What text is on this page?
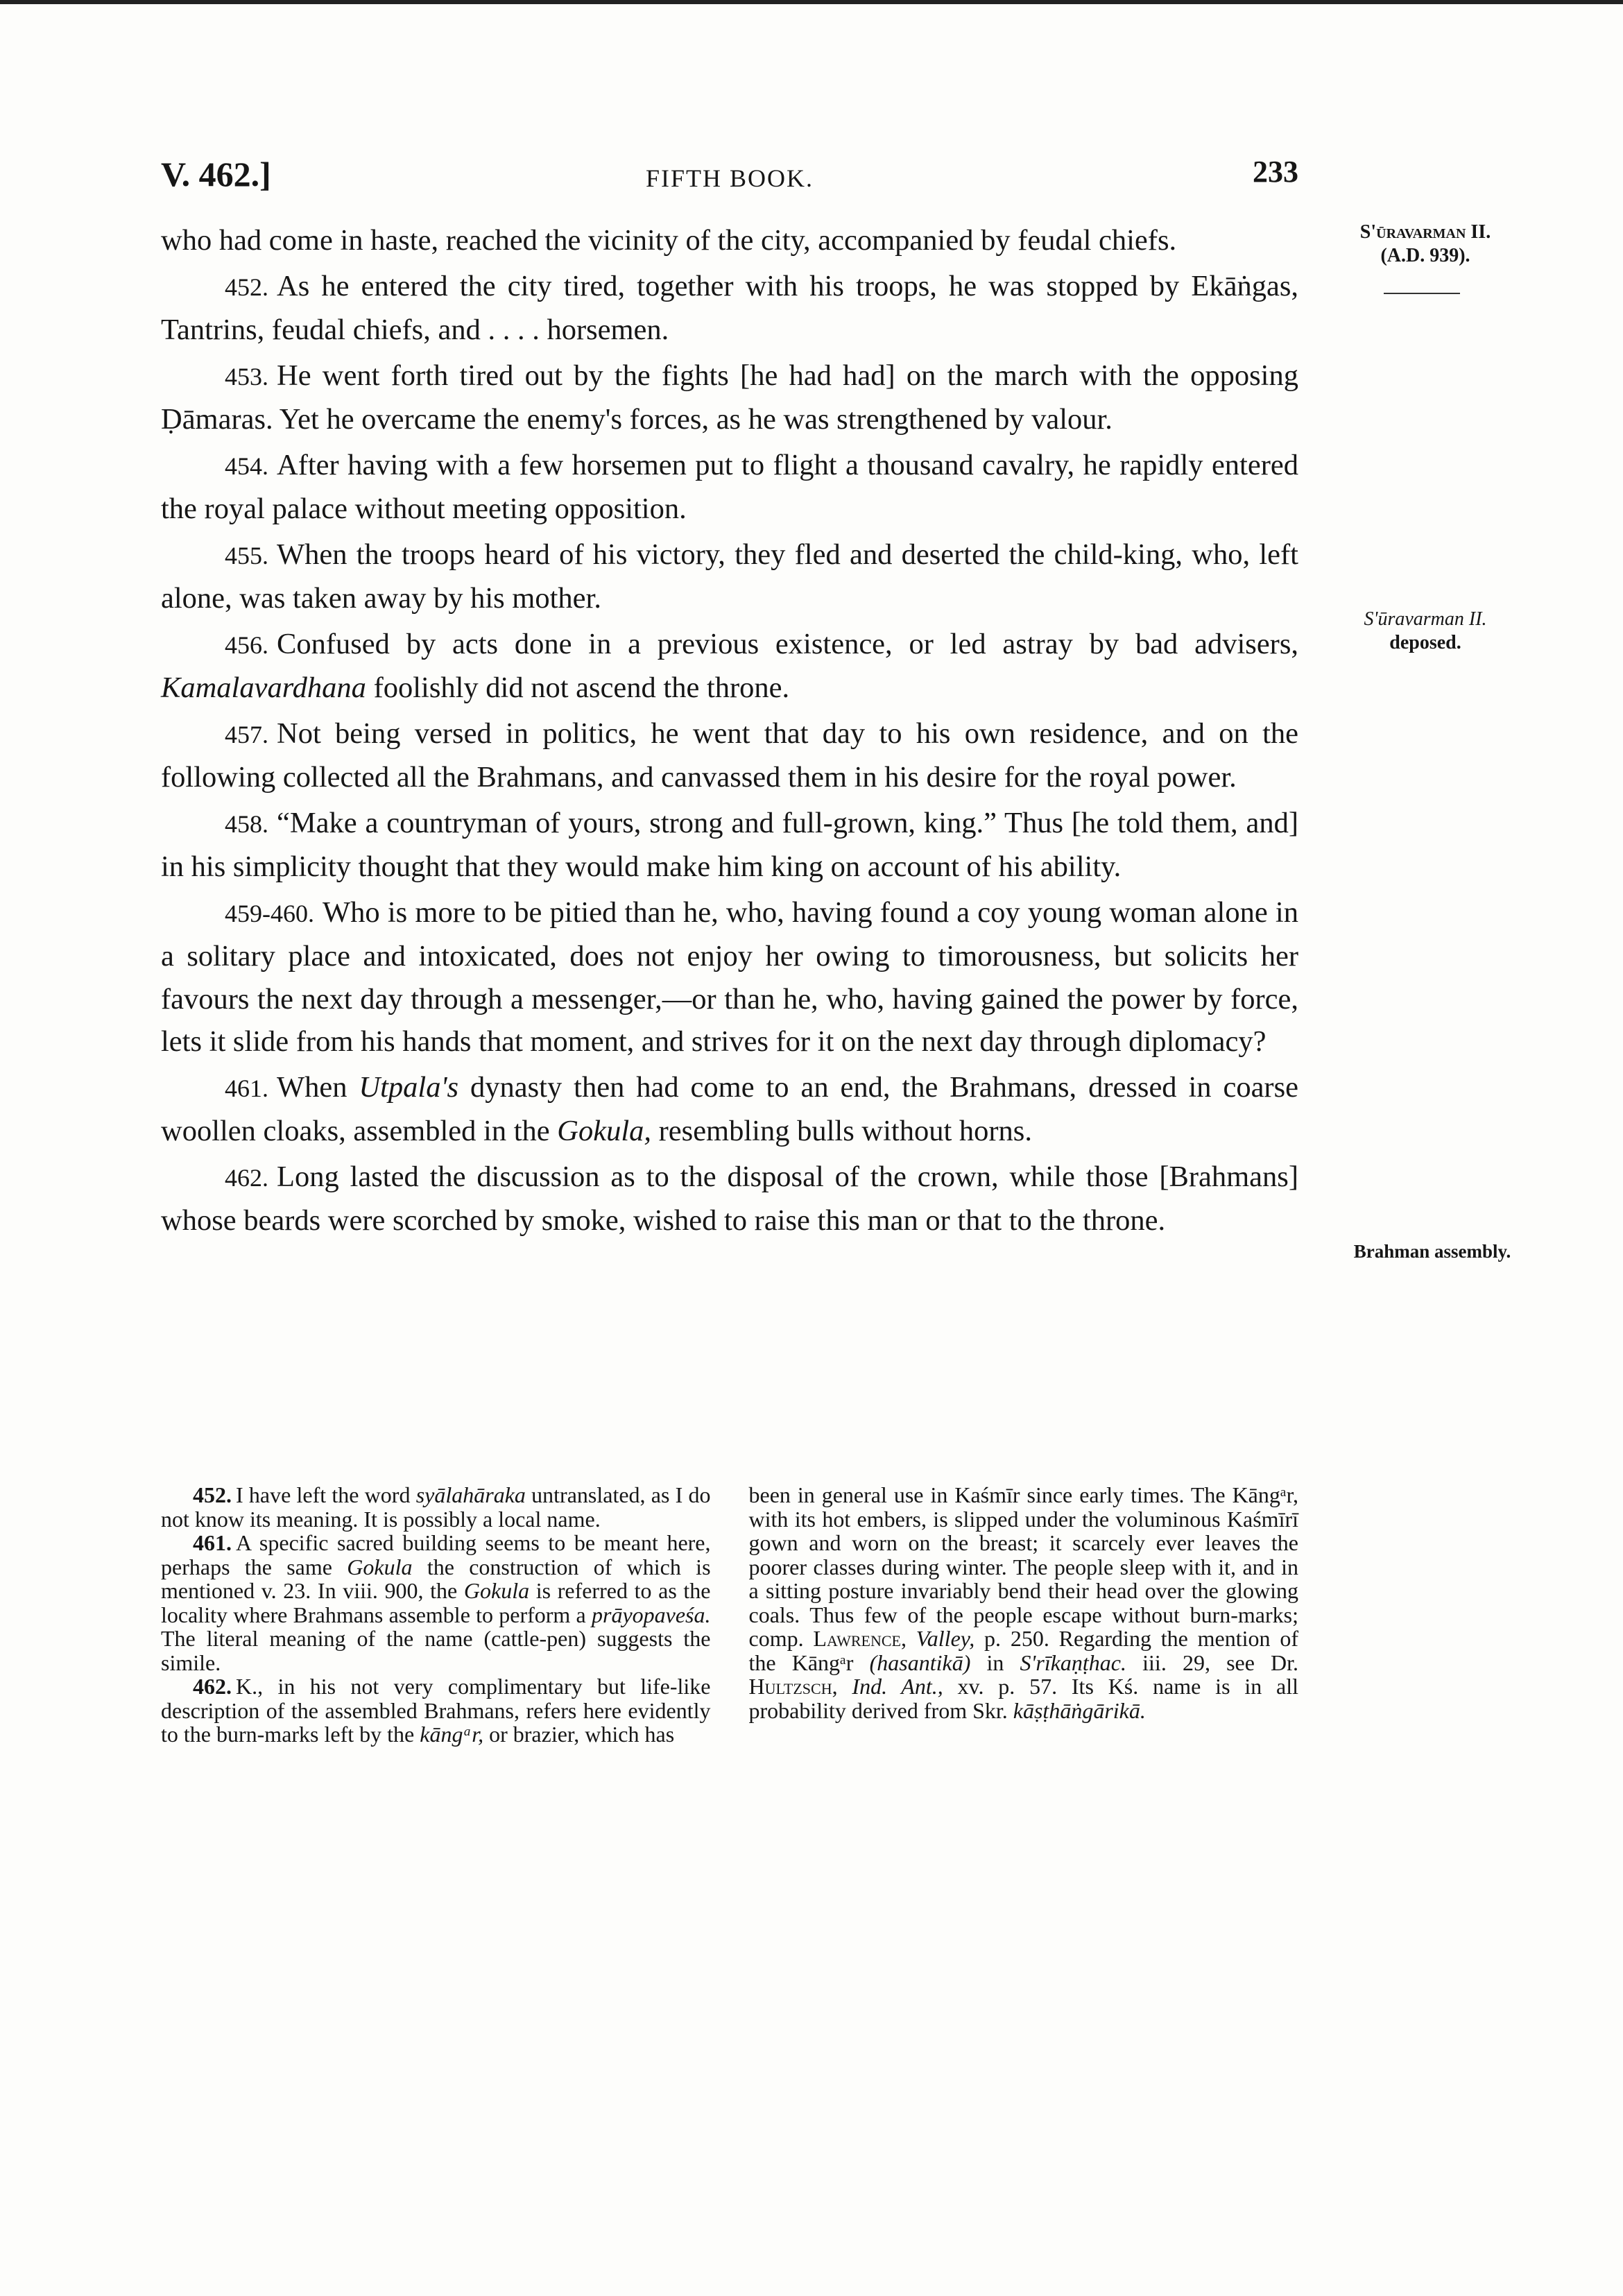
V. 462.]	FIFTH BOOK.	233
S'ūravarman II.
(A.D. 939).
S'ūravarman II.
deposed.
Brahman assembly.

who had come in haste, reached the vicinity of the city, accompanied by feudal chiefs.

452. As he entered the city tired, together with his troops, he was stopped by Ekāṅgas, Tantrins, feudal chiefs, and . . . . horsemen.

453. He went forth tired out by the fights [he had had] on the march with the opposing Ḍāmaras. Yet he overcame the enemy's forces, as he was strengthened by valour.

454. After having with a few horsemen put to flight a thousand cavalry, he rapidly entered the royal palace without meeting opposition.

455. When the troops heard of his victory, they fled and deserted the child-king, who, left alone, was taken away by his mother.

456. Confused by acts done in a previous existence, or led astray by bad advisers, Kamalavardhana foolishly did not ascend the throne.

457. Not being versed in politics, he went that day to his own residence, and on the following collected all the Brahmans, and canvassed them in his desire for the royal power.

458. “Make a countryman of yours, strong and full-grown, king.” Thus [he told them, and] in his simplicity thought that they would make him king on account of his ability.

459-460. Who is more to be pitied than he, who, having found a coy young woman alone in a solitary place and intoxicated, does not enjoy her owing to timorousness, but solicits her favours the next day through a messenger,—or than he, who, having gained the power by force, lets it slide from his hands that moment, and strives for it on the next day through diplomacy?

461. When Utpala's dynasty then had come to an end, the Brahmans, dressed in coarse woollen cloaks, assembled in the Gokula, resembling bulls without horns.

462. Long lasted the discussion as to the disposal of the crown, while those [Brahmans] whose beards were scorched by smoke, wished to raise this man or that to the throne.

452. I have left the word syālahāraka untranslated, as I do not know its meaning. It is possibly a local name.

461. A specific sacred building seems to be meant here, perhaps the same Gokula the construction of which is mentioned v. 23. In viii. 900, the Gokula is referred to as the locality where Brahmans assemble to perform a prāyopaveśa. The literal meaning of the name (cattle-pen) suggests the simile.

462. K., in his not very complimentary but life-like description of the assembled Brahmans, refers here evidently to the burn-marks left by the kāngᵃr, or brazier, which has

been in general use in Kaśmīr since early times. The Kāngᵃr, with its hot embers, is slipped under the voluminous Kaśmīrī gown and worn on the breast; it scarcely ever leaves the poorer classes during winter. The people sleep with it, and in a sitting posture invariably bend their head over the glowing coals. Thus few of the people escape without burn-marks; comp. Lawrence, Valley, p. 250. Regarding the mention of the Kāngᵃr (hasantikā) in S'rīkaṇṭhac. iii. 29, see Dr. Hultzsch, Ind. Ant., xv. p. 57. Its Kś. name is in all probability derived from Skr. kāṣṭhāṅgārikā.
